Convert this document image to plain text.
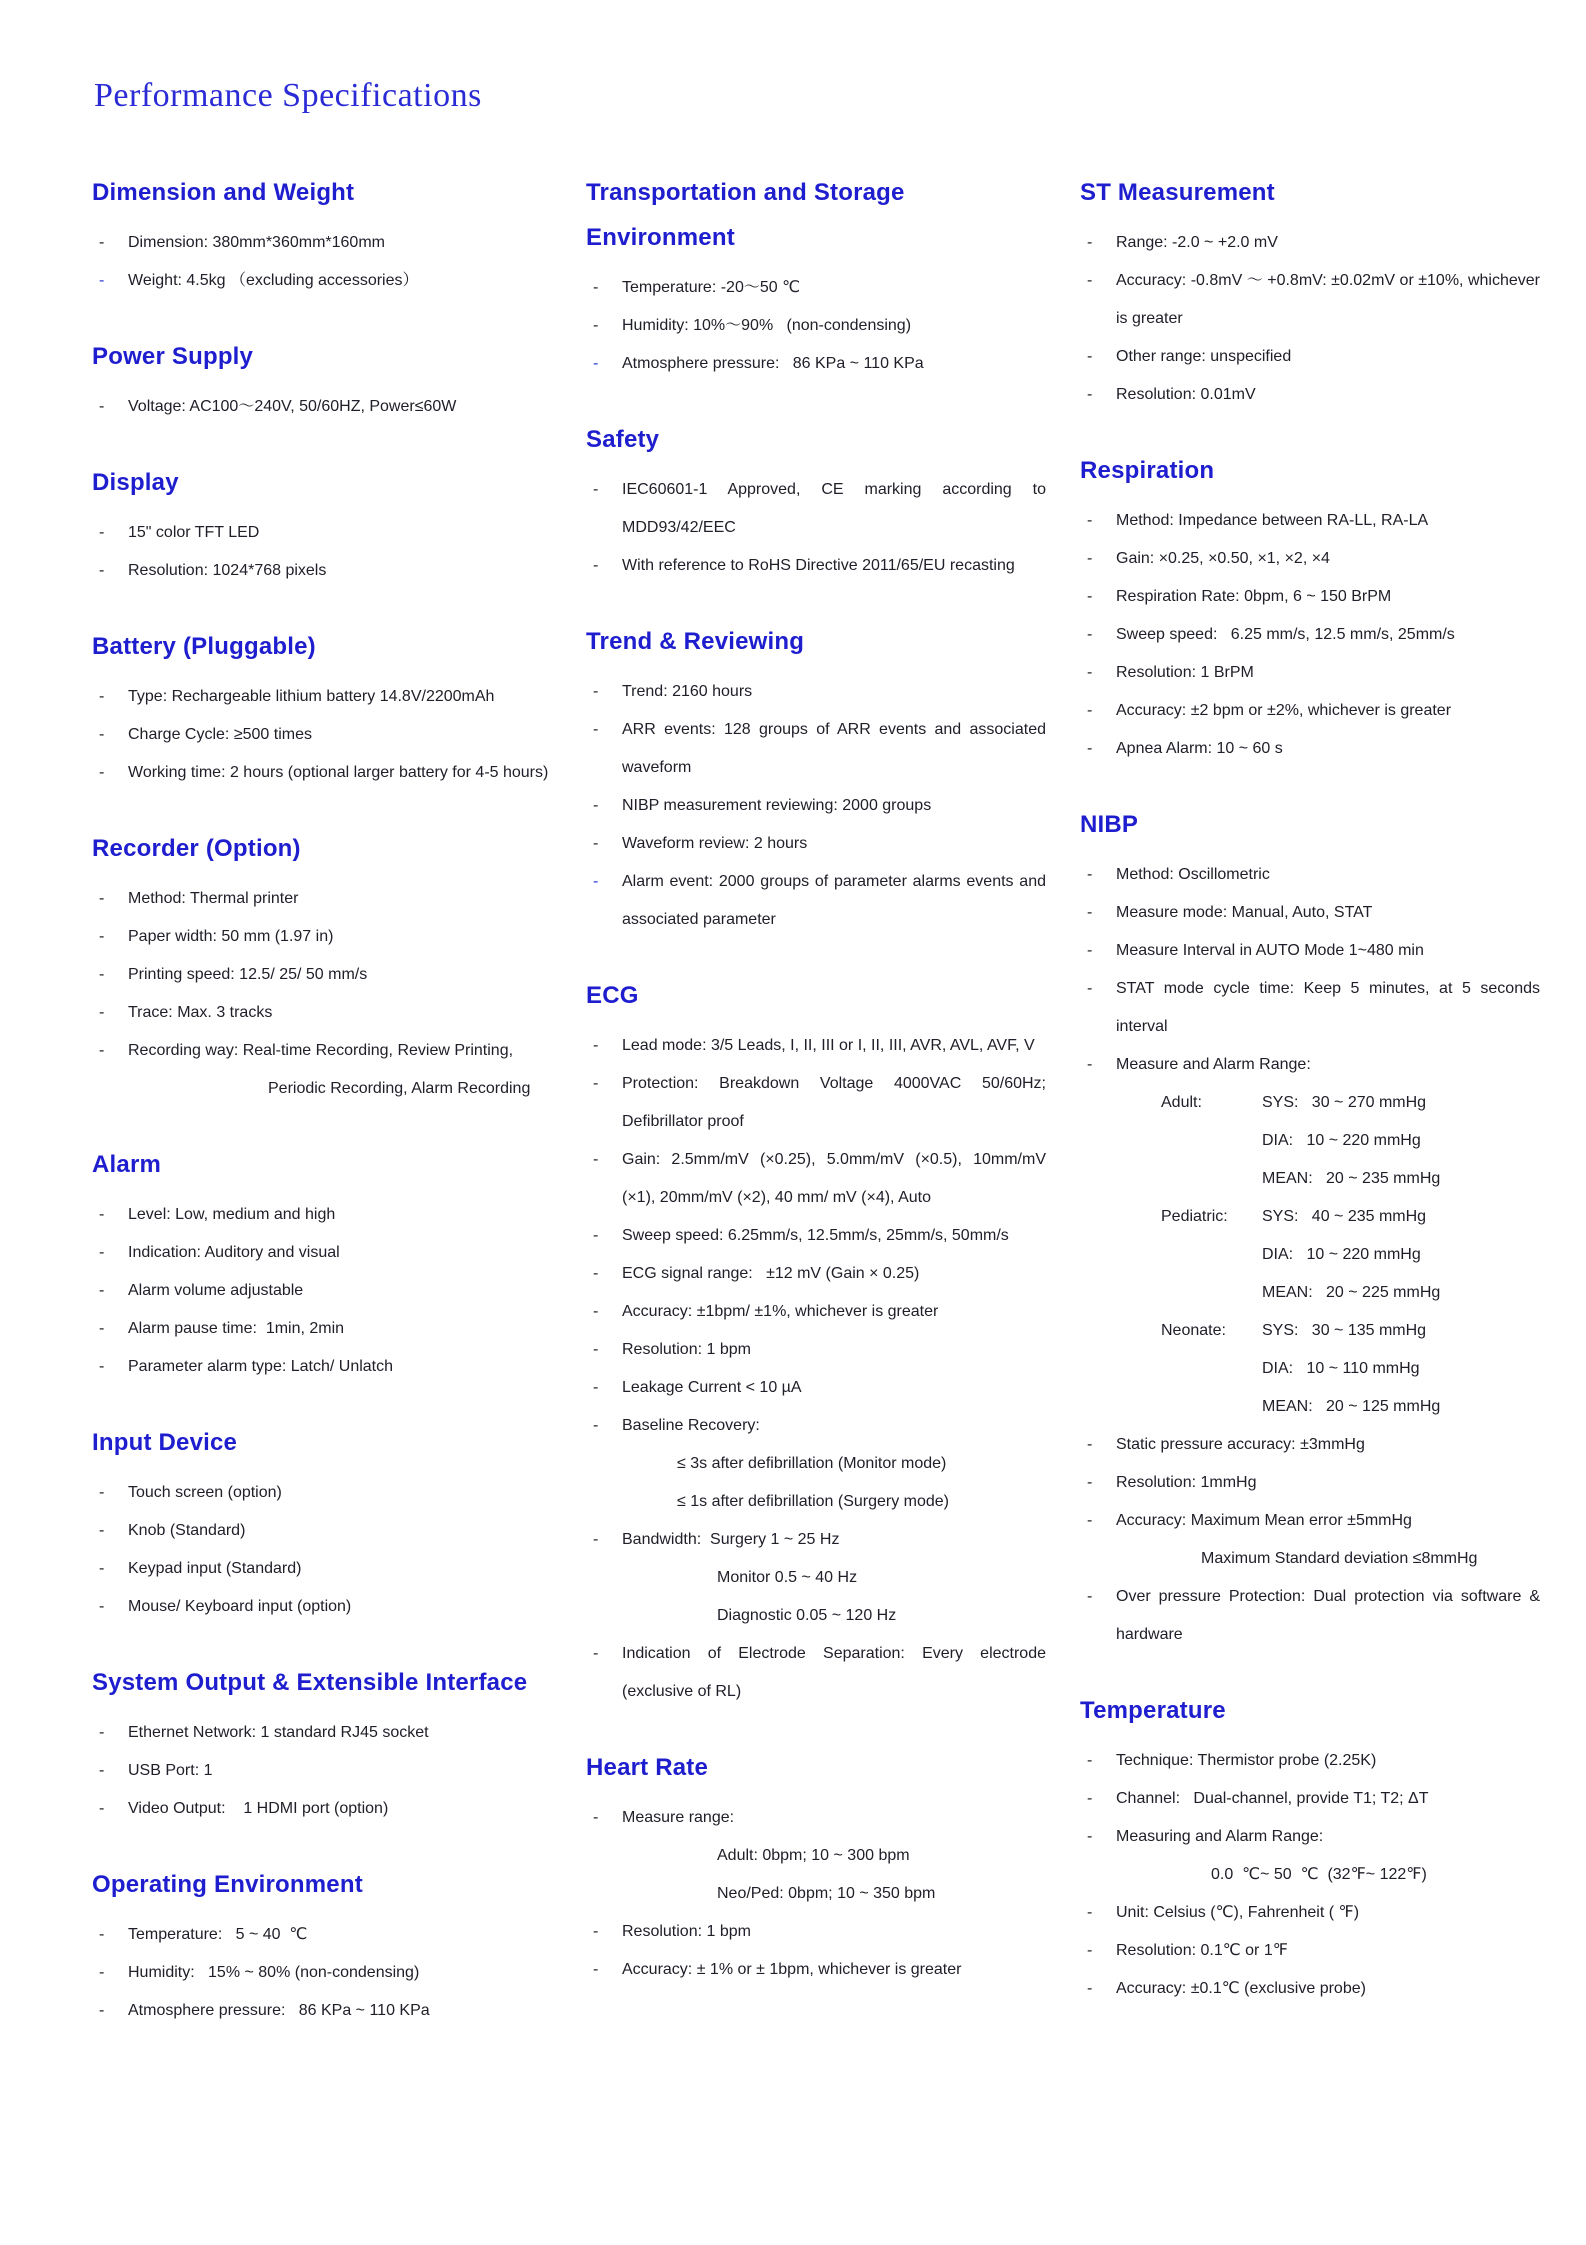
Performance Specifications
Dimension and Weight
- Dimension: 380mm*360mm*160mm
- Weight: 4.5kg （excluding accessories）
Power Supply
- Voltage: AC100～240V, 50/60HZ, Power≤60W
Display
- 15" color TFT LED
- Resolution: 1024*768 pixels
Battery (Pluggable)
- Type: Rechargeable lithium battery 14.8V/2200mAh
- Charge Cycle: ≥500 times
- Working time: 2 hours (optional larger battery for 4-5 hours)
Recorder (Option)
- Method: Thermal printer
- Paper width: 50 mm (1.97 in)
- Printing speed: 12.5/ 25/ 50 mm/s
- Trace: Max. 3 tracks
- Recording way: Real-time Recording, Review Printing,
Periodic Recording, Alarm Recording
Alarm
- Level: Low, medium and high
- Indication: Auditory and visual
- Alarm volume adjustable
- Alarm pause time:  1min, 2min
- Parameter alarm type: Latch/ Unlatch
Input Device
- Touch screen (option)
- Knob (Standard)
- Keypad input (Standard)
- Mouse/ Keyboard input (option)
System Output & Extensible Interface
- Ethernet Network: 1 standard RJ45 socket
- USB Port: 1
- Video Output:    1 HDMI port (option)
Operating Environment
- Temperature:   5 ~ 40  ℃
- Humidity:   15% ~ 80% (non-condensing)
- Atmosphere pressure:   86 KPa ~ 110 KPa
Transportation and Storage Environment
- Temperature: -20～50 ℃
- Humidity: 10%～90%   (non-condensing)
- Atmosphere pressure:   86 KPa ~ 110 KPa
Safety
- IEC60601-1 Approved, CE marking according to MDD93/42/EEC
- With reference to RoHS Directive 2011/65/EU recasting
Trend & Reviewing
- Trend: 2160 hours
- ARR events: 128 groups of ARR events and associated waveform
- NIBP measurement reviewing: 2000 groups
- Waveform review: 2 hours
- Alarm event: 2000 groups of parameter alarms events and associated parameter
ECG
- Lead mode: 3/5 Leads, I, II, III or I, II, III, AVR, AVL, AVF, V
- Protection: Breakdown Voltage 4000VAC 50/60Hz; Defibrillator proof
- Gain: 2.5mm/mV (×0.25), 5.0mm/mV (×0.5), 10mm/mV (×1), 20mm/mV (×2), 40 mm/ mV (×4), Auto
- Sweep speed: 6.25mm/s, 12.5mm/s, 25mm/s, 50mm/s
- ECG signal range:   ±12 mV (Gain × 0.25)
- Accuracy: ±1bpm/ ±1%, whichever is greater
- Resolution: 1 bpm
- Leakage Current < 10 µA
- Baseline Recovery:
≤ 3s after defibrillation (Monitor mode)
≤ 1s after defibrillation (Surgery mode)
- Bandwidth:  Surgery 1 ~ 25 Hz
Monitor 0.5 ~ 40 Hz
Diagnostic 0.05 ~ 120 Hz
- Indication of Electrode Separation: Every electrode (exclusive of RL)
Heart Rate
- Measure range:
Adult: 0bpm; 10 ~ 300 bpm
Neo/Ped: 0bpm; 10 ~ 350 bpm
- Resolution: 1 bpm
- Accuracy: ± 1% or ± 1bpm, whichever is greater
ST Measurement
- Range: -2.0 ~ +2.0 mV
- Accuracy: -0.8mV ～ +0.8mV: ±0.02mV or ±10%, whichever is greater
- Other range: unspecified
- Resolution: 0.01mV
Respiration
- Method: Impedance between RA-LL, RA-LA
- Gain: ×0.25, ×0.50, ×1, ×2, ×4
- Respiration Rate: 0bpm, 6 ~ 150 BrPM
- Sweep speed:   6.25 mm/s, 12.5 mm/s, 25mm/s
- Resolution: 1 BrPM
- Accuracy: ±2 bpm or ±2%, whichever is greater
- Apnea Alarm: 10 ~ 60 s
NIBP
- Method: Oscillometric
- Measure mode: Manual, Auto, STAT
- Measure Interval in AUTO Mode 1~480 min
- STAT mode cycle time: Keep 5 minutes, at 5 seconds interval
- Measure and Alarm Range:
Adult:	SYS:   30 ~ 270 mmHg
DIA:   10 ~ 220 mmHg
MEAN:   20 ~ 235 mmHg
Pediatric:	SYS:   40 ~ 235 mmHg
DIA:   10 ~ 220 mmHg
MEAN:   20 ~ 225 mmHg
Neonate:	SYS:   30 ~ 135 mmHg
DIA:   10 ~ 110 mmHg
MEAN:   20 ~ 125 mmHg
- Static pressure accuracy: ±3mmHg
- Resolution: 1mmHg
- Accuracy: Maximum Mean error ±5mmHg
Maximum Standard deviation ≤8mmHg
- Over pressure Protection: Dual protection via software & hardware
Temperature
- Technique: Thermistor probe (2.25K)
- Channel:   Dual-channel, provide T1; T2; ΔT
- Measuring and Alarm Range:
0.0  ℃~ 50  ℃  (32℉~ 122℉)
- Unit: Celsius (℃), Fahrenheit ( ℉)
- Resolution: 0.1℃ or 1℉
- Accuracy: ±0.1℃ (exclusive probe)
